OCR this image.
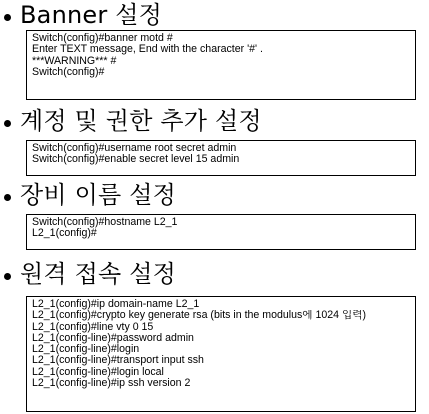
Banner 설정
Switch(config)#banner motd #
Enter TEXT message, End with the character '#' .
***WARNING*** #
Switch(config)#
계정 및 권한 추가 설정
Switch(config)#username root secret admin
Switch(config)#enable secret level 15 admin
장비 이름 설정
Switch(config)#hostname L2_1
L2_1(config)#
원격 접속 설정
L2_1(config)#ip domain-name L2_1
L2_1(config)#crypto key generate rsa (bits in the modulus에 1024 입력)
L2_1(config)#line vty 0 15
L2_1(config-line)#password admin
L2_1(config-line)#login
L2_1(config-line)#transport input ssh
L2_1(config-line)#login local
L2_1(config-line)#ip ssh version 2
